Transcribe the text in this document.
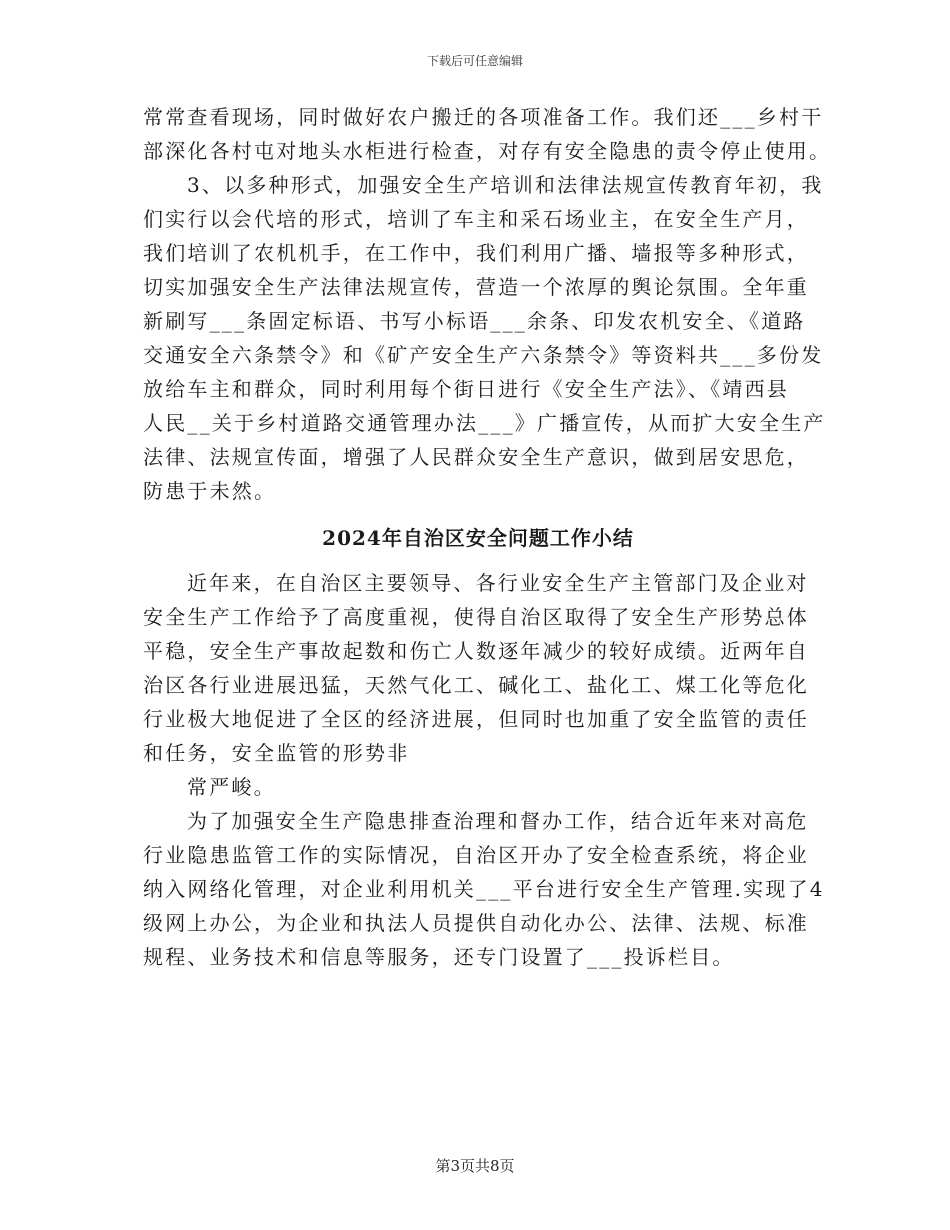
下载后可任意编辑
常常查看现场，同时做好农户搬迁的各项准备工作。我们还___乡村干
部深化各村屯对地头水柜进行检查，对存有安全隐患的责令停止使用。
3、以多种形式，加强安全生产培训和法律法规宣传教育年初，我
们实行以会代培的形式，培训了车主和采石场业主，在安全生产月，
我们培训了农机机手，在工作中，我们利用广播、墙报等多种形式，
切实加强安全生产法律法规宣传，营造一个浓厚的舆论氛围。全年重
新刷写___条固定标语、书写小标语___余条、印发农机安全、《道路
交通安全六条禁令》和《矿产安全生产六条禁令》等资料共___多份发
放给车主和群众，同时利用每个街日进行《安全生产法》、《靖西县
人民__关于乡村道路交通管理办法___》广播宣传，从而扩大安全生产
法律、法规宣传面，增强了人民群众安全生产意识，做到居安思危，
防患于未然。
2024年自治区安全问题工作小结
近年来，在自治区主要领导、各行业安全生产主管部门及企业对
安全生产工作给予了高度重视，使得自治区取得了安全生产形势总体
平稳，安全生产事故起数和伤亡人数逐年减少的较好成绩。近两年自
治区各行业进展迅猛，天然气化工、碱化工、盐化工、煤工化等危化
行业极大地促进了全区的经济进展，但同时也加重了安全监管的责任
和任务，安全监管的形势非
常严峻。
为了加强安全生产隐患排查治理和督办工作，结合近年来对高危
行业隐患监管工作的实际情况，自治区开办了安全检查系统，将企业
纳入网络化管理，对企业利用机关___平台进行安全生产管理.实现了4
级网上办公，为企业和执法人员提供自动化办公、法律、法规、标准
规程、业务技术和信息等服务，还专门设置了___投诉栏目。
第3页共8页
